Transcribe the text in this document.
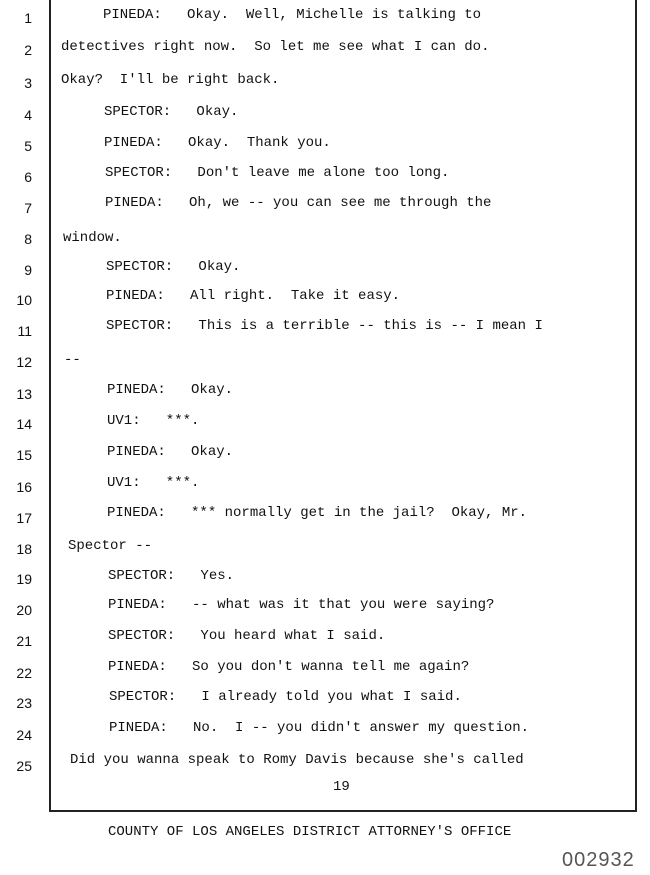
1
2
3
4
5
6
7
8
9
10
11
12
13
14
15
16
17
18
19
20
21
22
23
24
25
PINEDA:   Okay.  Well, Michelle is talking to
detectives right now.  So let me see what I can do.
Okay?  I'll be right back.
SPECTOR:   Okay.
PINEDA:   Okay.  Thank you.
SPECTOR:   Don't leave me alone too long.
PINEDA:   Oh, we -- you can see me through the
window.
SPECTOR:   Okay.
PINEDA:   All right.  Take it easy.
SPECTOR:   This is a terrible -- this is -- I mean I
--
PINEDA:   Okay.
UV1:   ***.
PINEDA:   Okay.
UV1:   ***.
PINEDA:   *** normally get in the jail?  Okay, Mr.
Spector --
SPECTOR:   Yes.
PINEDA:   -- what was it that you were saying?
SPECTOR:   You heard what I said.
PINEDA:   So you don't wanna tell me again?
SPECTOR:   I already told you what I said.
PINEDA:   No.  I -- you didn't answer my question.
Did you wanna speak to Romy Davis because she's called
19
COUNTY OF LOS ANGELES DISTRICT ATTORNEY'S OFFICE
002932
